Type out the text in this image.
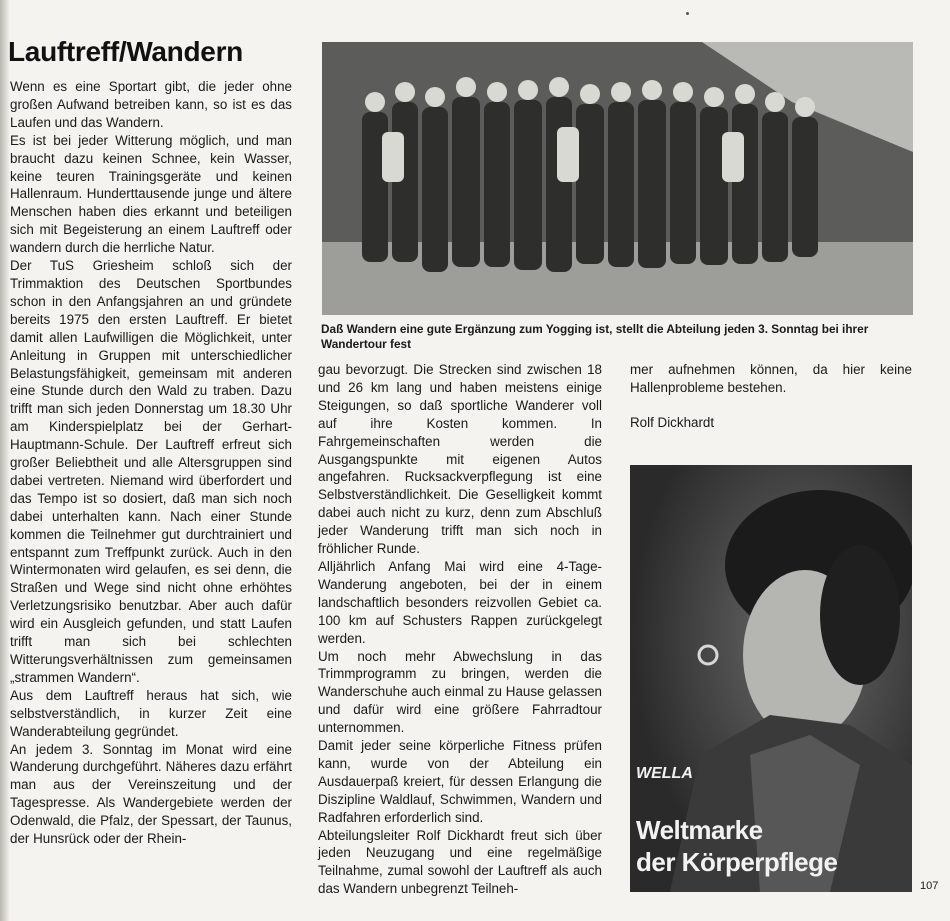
Lauftreff/Wandern

Wenn es eine Sportart gibt, die jeder ohne großen Aufwand betreiben kann, so ist es das Laufen und das Wandern.

Es ist bei jeder Witterung möglich, und man braucht dazu keinen Schnee, kein Wasser, keine teuren Trainingsgeräte und keinen Hallenraum. Hunderttausende junge und ältere Menschen haben dies erkannt und beteiligen sich mit Begeisterung an einem Lauftreff oder wandern durch die herrliche Natur.

Der TuS Griesheim schloß sich der Trimmaktion des Deutschen Sportbundes schon in den Anfangsjahren an und gründete bereits 1975 den ersten Lauftreff. Er bietet damit allen Laufwilligen die Möglichkeit, unter Anleitung in Gruppen mit unterschiedlicher Belastungsfähigkeit, gemeinsam mit anderen eine Stunde durch den Wald zu traben. Dazu trifft man sich jeden Donnerstag um 18.30 Uhr am Kinderspielplatz bei der Gerhart-Hauptmann-Schule. Der Lauftreff erfreut sich großer Beliebtheit und alle Altersgruppen sind dabei vertreten. Niemand wird überfordert und das Tempo ist so dosiert, daß man sich noch dabei unterhalten kann. Nach einer Stunde kommen die Teilnehmer gut durchtrainiert und entspannt zum Treffpunkt zurück. Auch in den Wintermonaten wird gelaufen, es sei denn, die Straßen und Wege sind nicht ohne erhöhtes Verletzungsrisiko benutzbar. Aber auch dafür wird ein Ausgleich gefunden, und statt Laufen trifft man sich bei schlechten Witterungsverhältnissen zum gemeinsamen „strammen Wandern“.

Aus dem Lauftreff heraus hat sich, wie selbstverständlich, in kurzer Zeit eine Wanderabteilung gegründet.

An jedem 3. Sonntag im Monat wird eine Wanderung durchgeführt. Näheres dazu erfährt man aus der Vereinszeitung und der Tagespresse. Als Wandergebiete werden der Odenwald, die Pfalz, der Spessart, der Taunus, der Hunsrück oder der Rhein-

Daß Wandern eine gute Ergänzung zum Yogging ist, stellt die Abteilung jeden 3. Sonntag bei ihrer Wandertour fest

gau bevorzugt. Die Strecken sind zwischen 18 und 26 km lang und haben meistens einige Steigungen, so daß sportliche Wanderer voll auf ihre Kosten kommen. In Fahrgemeinschaften werden die Ausgangspunkte mit eigenen Autos angefahren. Rucksackverpflegung ist eine Selbstverständlichkeit. Die Geselligkeit kommt dabei auch nicht zu kurz, denn zum Abschluß jeder Wanderung trifft man sich noch in fröhlicher Runde.

Alljährlich Anfang Mai wird eine 4-Tage-Wanderung angeboten, bei der in einem landschaftlich besonders reizvollen Gebiet ca. 100 km auf Schusters Rappen zurückgelegt werden.

Um noch mehr Abwechslung in das Trimmprogramm zu bringen, werden die Wanderschuhe auch einmal zu Hause gelassen und dafür wird eine größere Fahrradtour unternommen.

Damit jeder seine körperliche Fitness prüfen kann, wurde von der Abteilung ein Ausdauerpaß kreiert, für dessen Erlangung die Diszipline Waldlauf, Schwimmen, Wandern und Radfahren erforderlich sind.

Abteilungsleiter Rolf Dickhardt freut sich über jeden Neuzugang und eine regelmäßige Teilnahme, zumal sowohl der Lauftreff als auch das Wandern unbegrenzt Teilneh-

mer aufnehmen können, da hier keine Hallenprobleme bestehen.

Rolf Dickhardt

WELLA
Weltmarke
der Körperpflege
107
